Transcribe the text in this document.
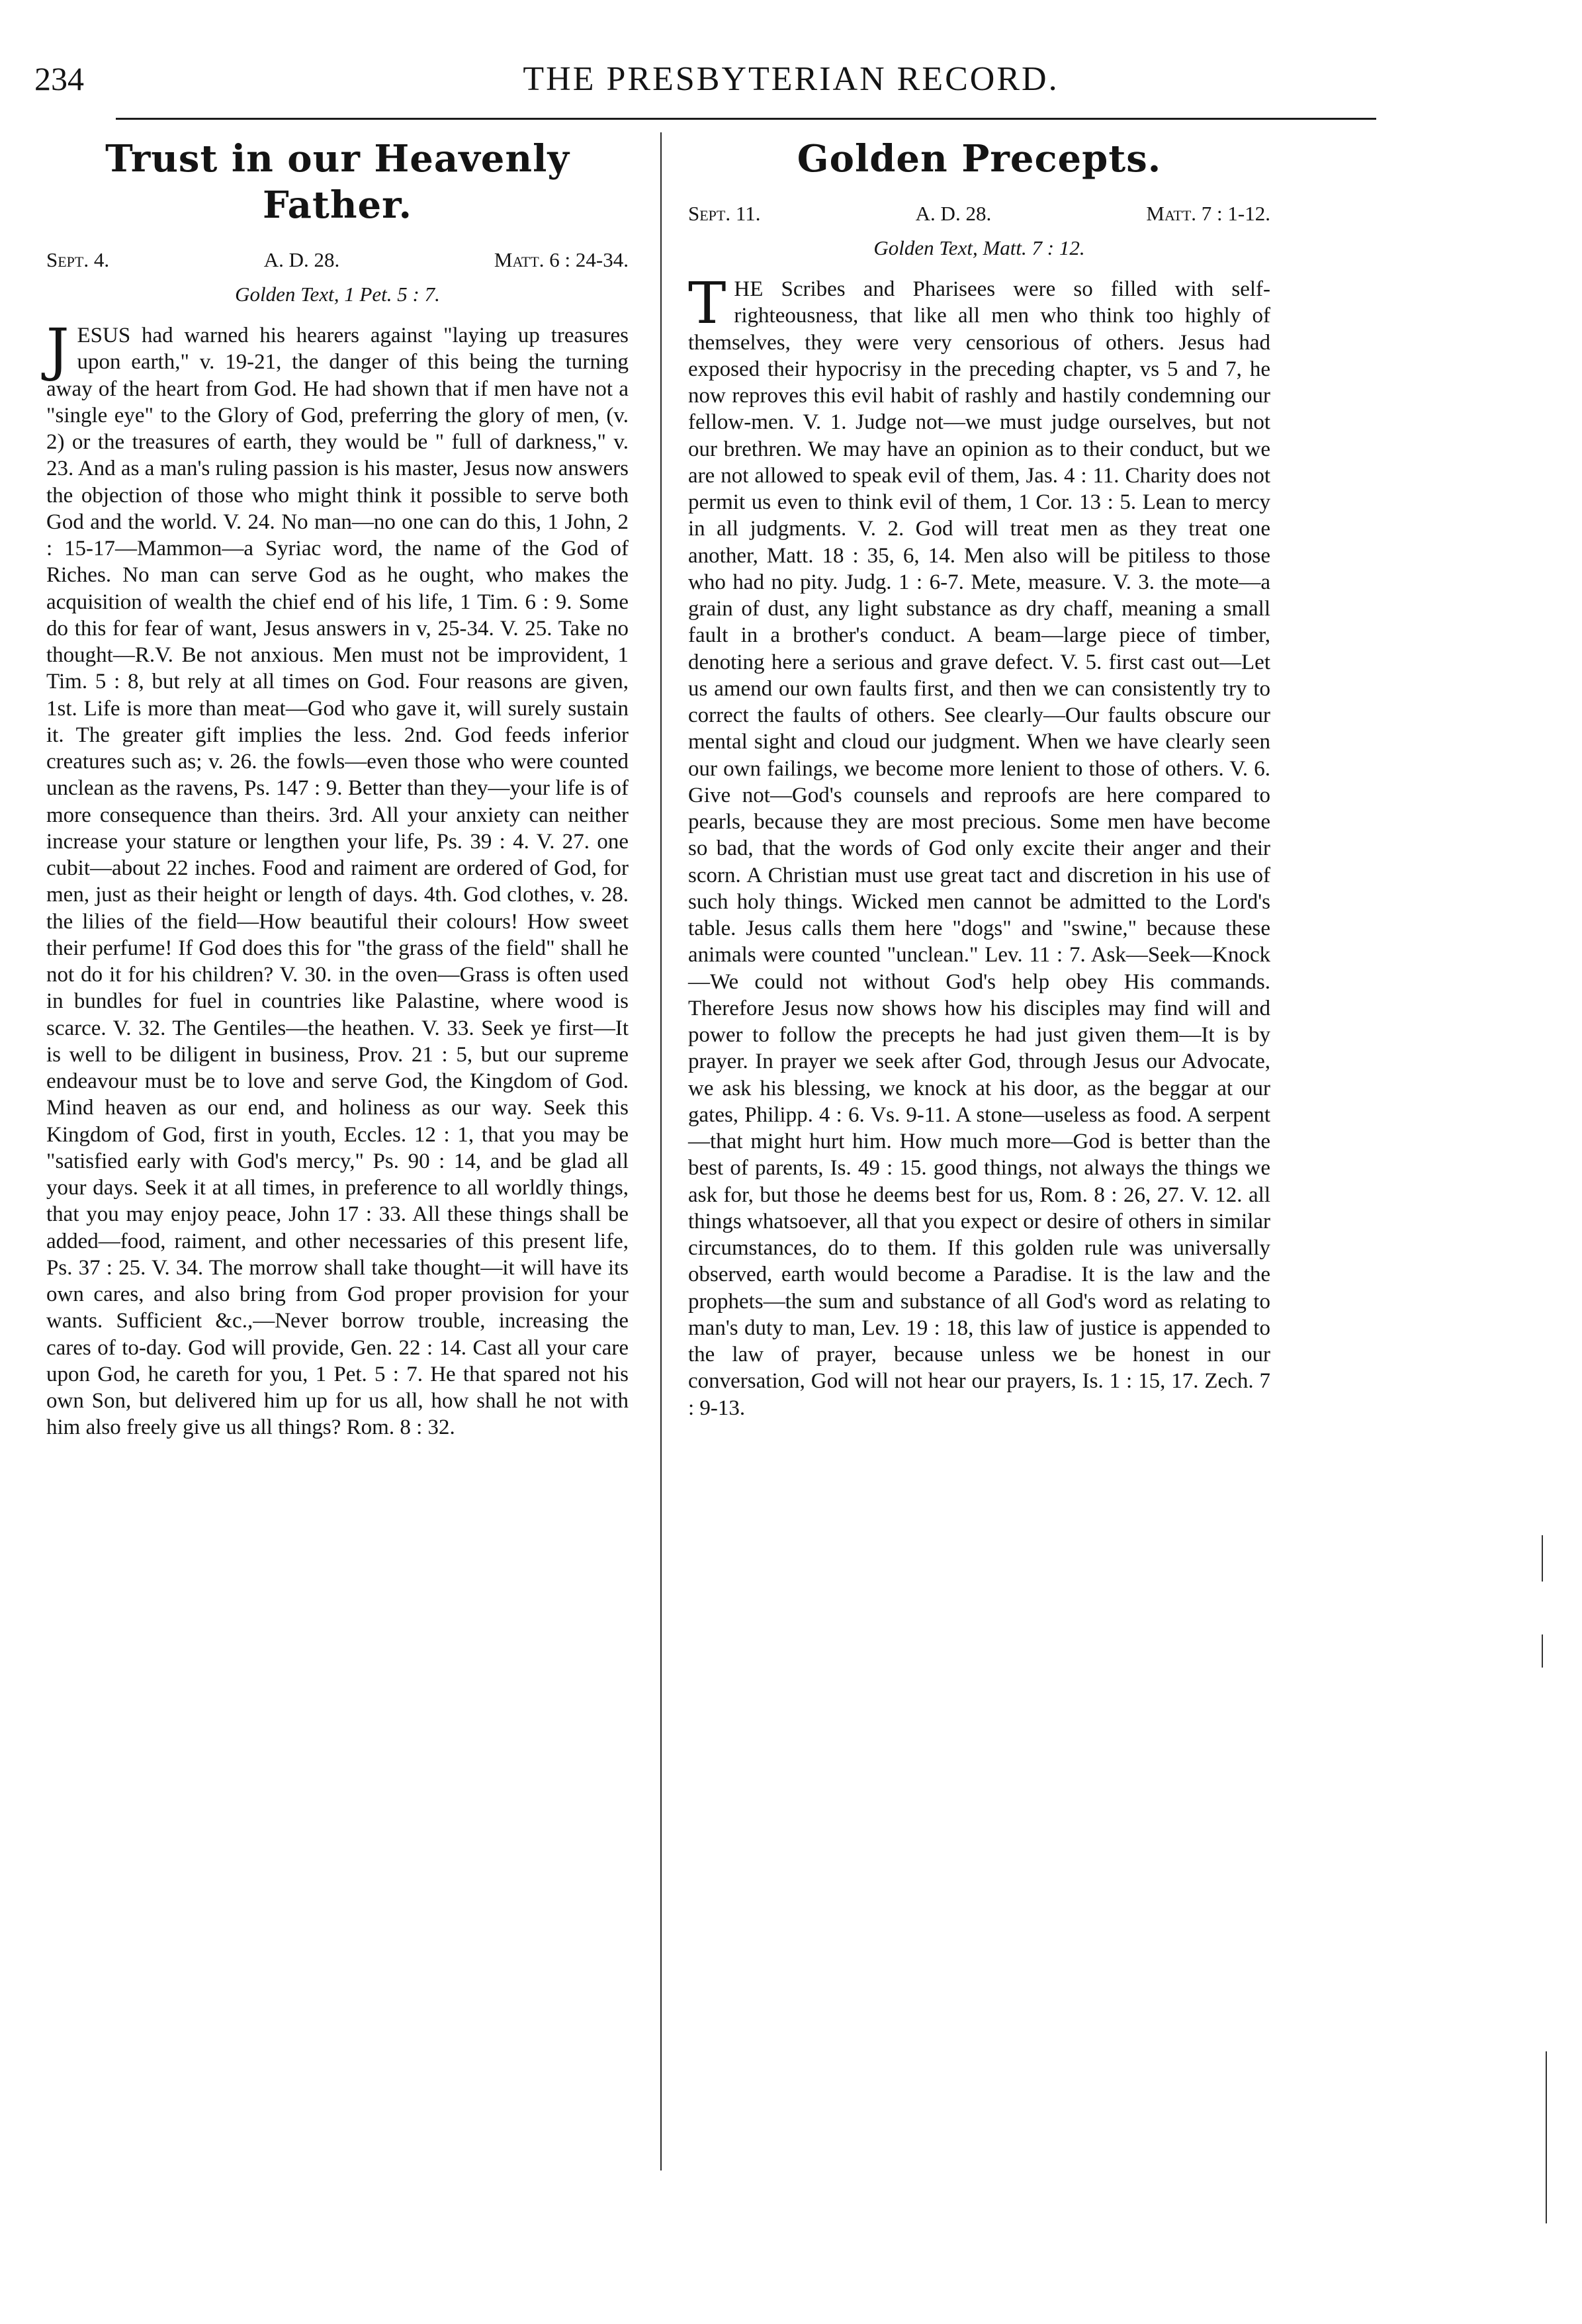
234	THE PRESBYTERIAN RECORD.
Trust in our Heavenly Father.
Sept. 4.	A. D. 28.	Matt. 6 : 24-34.
Golden Text, 1 Pet. 5 : 7.

JESUS had warned his hearers against "laying up treasures upon earth," v. 19-21, the danger of this being the turning away of the heart from God. He had shown that if men have not a "single eye" to the Glory of God, preferring the glory of men, (v. 2) or the treasures of earth, they would be " full of darkness," v. 23. And as a man's ruling passion is his master, Jesus now answers the objection of those who might think it possible to serve both God and the world. V. 24. No man—no one can do this, 1 John, 2 : 15-17—Mammon—a Syriac word, the name of the God of Riches. No man can serve God as he ought, who makes the acquisition of wealth the chief end of his life, 1 Tim. 6 : 9. Some do this for fear of want, Jesus answers in v, 25-34. V. 25. Take no thought—R.V. Be not anxious. Men must not be improvident, 1 Tim. 5 : 8, but rely at all times on God. Four reasons are given, 1st. Life is more than meat—God who gave it, will surely sustain it. The greater gift implies the less. 2nd. God feeds inferior creatures such as; v. 26. the fowls—even those who were counted unclean as the ravens, Ps. 147 : 9. Better than they—your life is of more consequence than theirs. 3rd. All your anxiety can neither increase your stature or lengthen your life, Ps. 39 : 4. V. 27. one cubit—about 22 inches. Food and raiment are ordered of God, for men, just as their height or length of days. 4th. God clothes, v. 28. the lilies of the field—How beautiful their colours! How sweet their perfume! If God does this for "the grass of the field" shall he not do it for his children? V. 30. in the oven—Grass is often used in bundles for fuel in countries like Palastine, where wood is scarce. V. 32. The Gentiles—the heathen. V. 33. Seek ye first—It is well to be diligent in business, Prov. 21 : 5, but our supreme endeavour must be to love and serve God, the Kingdom of God. Mind heaven as our end, and holiness as our way. Seek this Kingdom of God, first in youth, Eccles. 12 : 1, that you may be "satisfied early with God's mercy," Ps. 90 : 14, and be glad all your days. Seek it at all times, in preference to all worldly things, that you may enjoy peace, John 17 : 33. All these things shall be added—food, raiment, and other necessaries of this present life, Ps. 37 : 25. V. 34. The morrow shall take thought—it will have its own cares, and also bring from God proper provision for your wants. Sufficient &c.,—Never borrow trouble, increasing the cares of to-day. God will provide, Gen. 22 : 14. Cast all your care upon God, he careth for you, 1 Pet. 5 : 7. He that spared not his own Son, but delivered him up for us all, how shall he not with him also freely give us all things? Rom. 8 : 32.

Golden Precepts.
Sept. 11.	A. D. 28.	Matt. 7 : 1-12.
Golden Text, Matt. 7 : 12.

THE Scribes and Pharisees were so filled with self-righteousness, that like all men who think too highly of themselves, they were very censorious of others. Jesus had exposed their hypocrisy in the preceding chapter, vs 5 and 7, he now reproves this evil habit of rashly and hastily condemning our fellow-men. V. 1. Judge not—we must judge ourselves, but not our brethren. We may have an opinion as to their conduct, but we are not allowed to speak evil of them, Jas. 4 : 11. Charity does not permit us even to think evil of them, 1 Cor. 13 : 5. Lean to mercy in all judgments. V. 2. God will treat men as they treat one another, Matt. 18 : 35, 6, 14. Men also will be pitiless to those who had no pity. Judg. 1 : 6-7. Mete, measure. V. 3. the mote—a grain of dust, any light substance as dry chaff, meaning a small fault in a brother's conduct. A beam—large piece of timber, denoting here a serious and grave defect. V. 5. first cast out—Let us amend our own faults first, and then we can consistently try to correct the faults of others. See clearly—Our faults obscure our mental sight and cloud our judgment. When we have clearly seen our own failings, we become more lenient to those of others. V. 6. Give not—God's counsels and reproofs are here compared to pearls, because they are most precious. Some men have become so bad, that the words of God only excite their anger and their scorn. A Christian must use great tact and discretion in his use of such holy things. Wicked men cannot be admitted to the Lord's table. Jesus calls them here "dogs" and "swine," because these animals were counted "unclean." Lev. 11 : 7. Ask—Seek—Knock—We could not without God's help obey His commands. Therefore Jesus now shows how his disciples may find will and power to follow the precepts he had just given them—It is by prayer. In prayer we seek after God, through Jesus our Advocate, we ask his blessing, we knock at his door, as the beggar at our gates, Philipp. 4 : 6. Vs. 9-11. A stone—useless as food. A serpent—that might hurt him. How much more—God is better than the best of parents, Is. 49 : 15. good things, not always the things we ask for, but those he deems best for us, Rom. 8 : 26, 27. V. 12. all things whatsoever, all that you expect or desire of others in similar circumstances, do to them. If this golden rule was universally observed, earth would become a Paradise. It is the law and the prophets—the sum and substance of all God's word as relating to man's duty to man, Lev. 19 : 18, this law of justice is appended to the law of prayer, because unless we be honest in our conversation, God will not hear our prayers, Is. 1 : 15, 17. Zech. 7 : 9-13.
